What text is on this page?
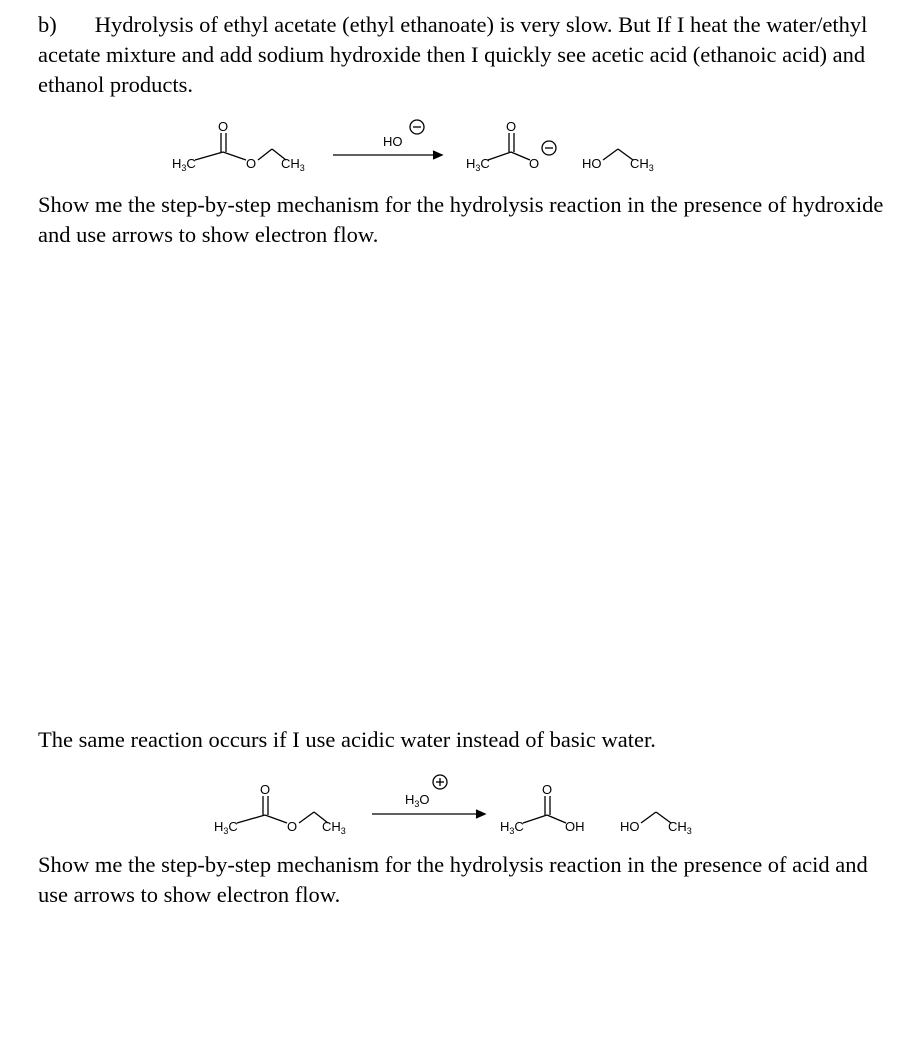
b) Hydrolysis of ethyl acetate (ethyl ethanoate) is very slow. But If I heat the water/ethyl acetate mixture and add sodium hydroxide then I quickly see acetic acid (ethanoic acid) and ethanol products.
O
$H_3C$	O $CH_3$
HO
O
$H_3C$	O	HO $CH_3$
Show me the step-by-step mechanism for the hydrolysis reaction in the presence of hydroxide and use arrows to show electron flow.
The same reaction occurs if I use acidic water instead of basic water.
O
$H_3C$	O $CH_3$
$H_3O$
O
$H_3C$	OH	HO $CH_3$
Show me the step-by-step mechanism for the hydrolysis reaction in the presence of acid and use arrows to show electron flow.
